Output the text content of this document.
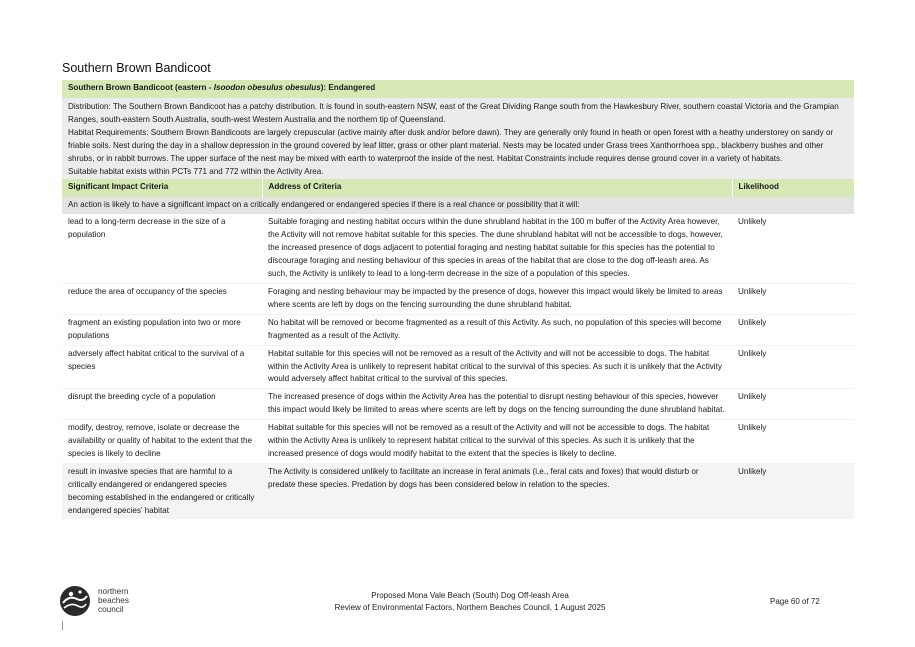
Southern Brown Bandicoot
Southern Brown Bandicoot (eastern - Isoodon obesulus obesulus): Endangered		

Distribution: The Southern Brown Bandicoot has a patchy distribution. It is found in south-eastern NSW, east of the Great Dividing Range south from the Hawkesbury River, southern coastal Victoria and the Grampian Ranges, south-eastern South Australia, south-west Western Australia and the northern tip of Queensland.

Habitat Requirements: Southern Brown Bandicoots are largely crepuscular (active mainly after dusk and/or before dawn). They are generally only found in heath or open forest with a heathy understorey on sandy or friable soils. Nest during the day in a shallow depression in the ground covered by leaf litter, grass or other plant material. Nests may be located under Grass trees Xanthorrhoea spp., blackberry bushes and other shrubs, or in rabbit burrows. The upper surface of the nest may be mixed with earth to waterproof the inside of the nest. Habitat Constraints include requires dense ground cover in a variety of habitats.

Suitable habitat exists within PCTs 771 and 772 within the Activity Area.		

Significant Impact Criteria	Address of Criteria	Likelihood
An action is likely to have a significant impact on a critically endangered or endangered species if there is a real chance or possibility that it will:		
lead to a long-term decrease in the size of a population	Suitable foraging and nesting habitat occurs within the dune shrubland habitat in the 100 m buffer of the Activity Area however, the Activity will not remove habitat suitable for this species. The dune shrubland habitat will not be accessible to dogs, however, the increased presence of dogs adjacent to potential foraging and nesting habitat suitable for this species has the potential to discourage foraging and nesting behaviour of this species in areas of the habitat that are close to the dog off-leash area. As such, the Activity is unlikely to lead to a long-term decrease in the size of a population of this species.	Unlikely
reduce the area of occupancy of the species	Foraging and nesting behaviour may be impacted by the presence of dogs, however this impact would likely be limited to areas where scents are left by dogs on the fencing surrounding the dune shrubland habitat.	Unlikely
fragment an existing population into two or more populations	No habitat will be removed or become fragmented as a result of this Activity. As such, no population of this species will become fragmented as a result of the Activity.	Unlikely
adversely affect habitat critical to the survival of a species	Habitat suitable for this species will not be removed as a result of the Activity and will not be accessible to dogs. The habitat within the Activity Area is unlikely to represent habitat critical to the survival of this species. As such it is unlikely that the Activity would adversely affect habitat critical to the survival of this species.	Unlikely
disrupt the breeding cycle of a population	The increased presence of dogs within the Activity Area has the potential to disrupt nesting behaviour of this species, however this impact would likely be limited to areas where scents are left by dogs on the fencing surrounding the dune shrubland habitat.	Unlikely
modify, destroy, remove, isolate or decrease the availability or quality of habitat to the extent that the species is likely to decline	Habitat suitable for this species will not be removed as a result of the Activity and will not be accessible to dogs. The habitat within the Activity Area is unlikely to represent habitat critical to the survival of this species. As such it is unlikely that the increased presence of dogs would modify habitat to the extent that the species is likely to decline.	Unlikely
result in invasive species that are harmful to a critically endangered or endangered species becoming established in the endangered or critically endangered species’ habitat	The Activity is considered unlikely to facilitate an increase in feral animals (i.e., feral cats and foxes) that would disturb or predate these species. Predation by dogs has been considered below in relation to the species.	Unlikely
northern
beaches
council
Proposed Mona Vale Beach (South) Dog Off-leash Area
Review of Environmental Factors, Northern Beaches Council, 1 August 2025
Page 60 of 72
